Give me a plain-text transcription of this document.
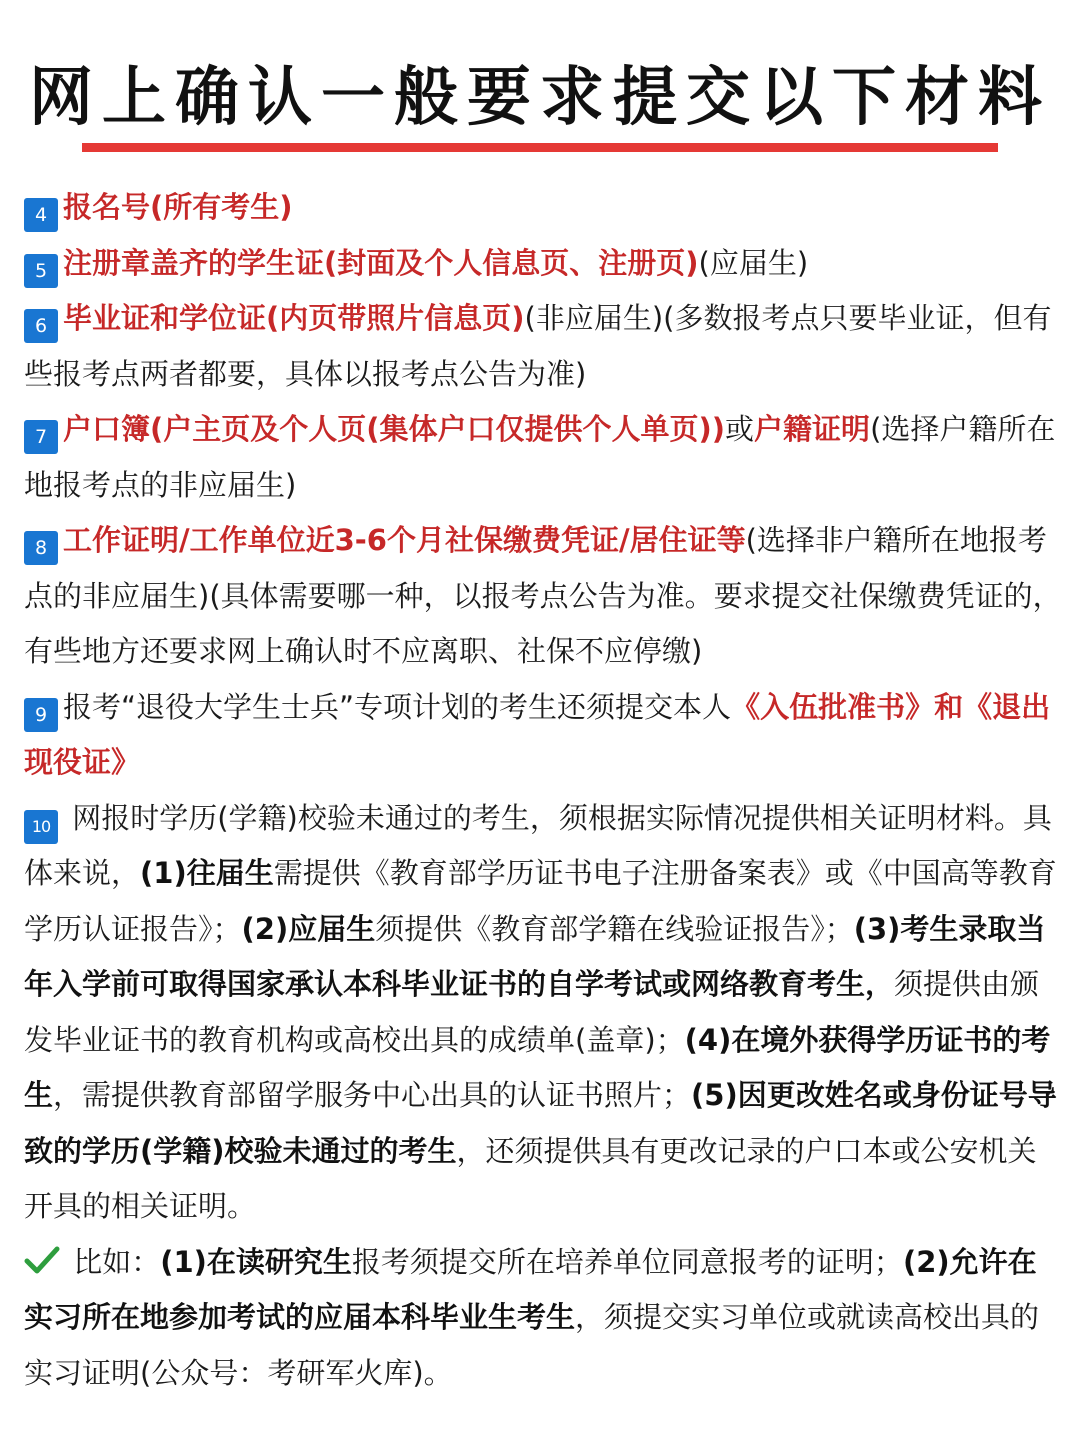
网上确认一般要求提交以下材料

4 报名号(所有考生)

5 注册章盖齐的学生证(封面及个人信息页、注册页)(应届生)

6 毕业证和学位证(内页带照片信息页)(非应届生)(多数报考点只要毕业证，但有些报考点两者都要，具体以报考点公告为准)

7 户口簿(户主页及个人页(集体户口仅提供个人单页))或户籍证明(选择户籍所在地报考点的非应届生)

8 工作证明/工作单位近3-6个月社保缴费凭证/居住证等(选择非户籍所在地报考点的非应届生)(具体需要哪一种，以报考点公告为准。要求提交社保缴费凭证的，有些地方还要求网上确认时不应离职、社保不应停缴)

9 报考“退役大学生士兵”专项计划的考生还须提交本人《入伍批准书》和《退出现役证》

10 网报时学历(学籍)校验未通过的考生，须根据实际情况提供相关证明材料。具体来说，(1)往届生需提供《教育部学历证书电子注册备案表》或《中国高等教育学历认证报告》；(2)应届生须提供《教育部学籍在线验证报告》；(3)考生录取当年入学前可取得国家承认本科毕业证书的自学考试或网络教育考生，须提供由颁发毕业证书的教育机构或高校出具的成绩单(盖章)；(4)在境外获得学历证书的考生，需提供教育部留学服务中心出具的认证书照片；(5)因更改姓名或身份证号导致的学历(学籍)校验未通过的考生，还须提供具有更改记录的户口本或公安机关开具的相关证明。

比如：(1)在读研究生报考须提交所在培养单位同意报考的证明；(2)允许在实习所在地参加考试的应届本科毕业生考生，须提交实习单位或就读高校出具的实习证明(公众号：考研军火库)。
